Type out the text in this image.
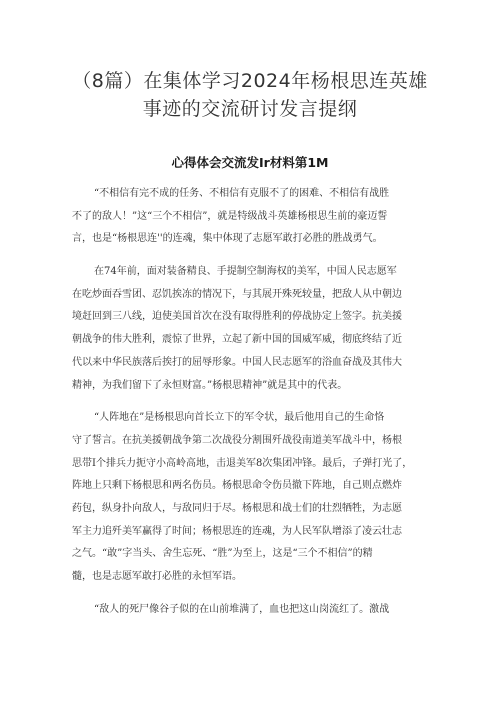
（8篇）在集体学习2024年杨根思连英雄
事迹的交流研讨发言提纲
心得体会交流发Ir材料第1M
“不相信有完不成的任务、不相信有克服不了的困难、不相信有战胜
不了的敌人！”这“三个不相信”，就是特级战斗英雄杨根思生前的豪迈誓
言，也是“杨根思连''的连魂，集中体现了志愿军敢打必胜的胜战勇气。
在74年前，面对装备精良、手提制空制海权的美军，中国人民志愿军
在吃炒面吞雪团、忍饥挨冻的情况下，与其展开殊死较量，把敌人从中朝边
境赶回到三八线，迫使美国首次在没有取得胜利的停战协定上签字。抗美援
朝战争的伟大胜利，震惊了世界，立起了新中国的国威军威，彻底终结了近
代以来中华民族落后挨打的屈辱形象。中国人民志愿军的浴血奋战及其伟大
精神，为我们留下了永恒财富。”杨根思精神”就是其中的代表。
“人阵地在”是杨根思向首长立下的军令状，最后他用自己的生命恪
守了誓言。在抗美援朝战争第二次战役分割围歼战役南道美军战斗中，杨根
思带I个排兵力扼守小高岭高地，击退美军8次集团冲锋。最后，子弹打光了，
阵地上只剩下杨根思和两名伤员。杨根思命令伤员撤下阵地，自己则点燃炸
药包，纵身扑向敌人，与敌同归于尽。杨根思和战士们的壮烈牺牲，为志愿
军主力追歼美军赢得了时间；杨根思连的连魂，为人民军队增添了凌云壮志
之气。“敢”字当头、舍生忘死、“胜”为至上，这是“三个不相信”的精
髓，也是志愿军敢打必胜的永恒军语。
“敌人的死尸像谷子似的在山前堆满了，血也把这山岗流红了。激战
